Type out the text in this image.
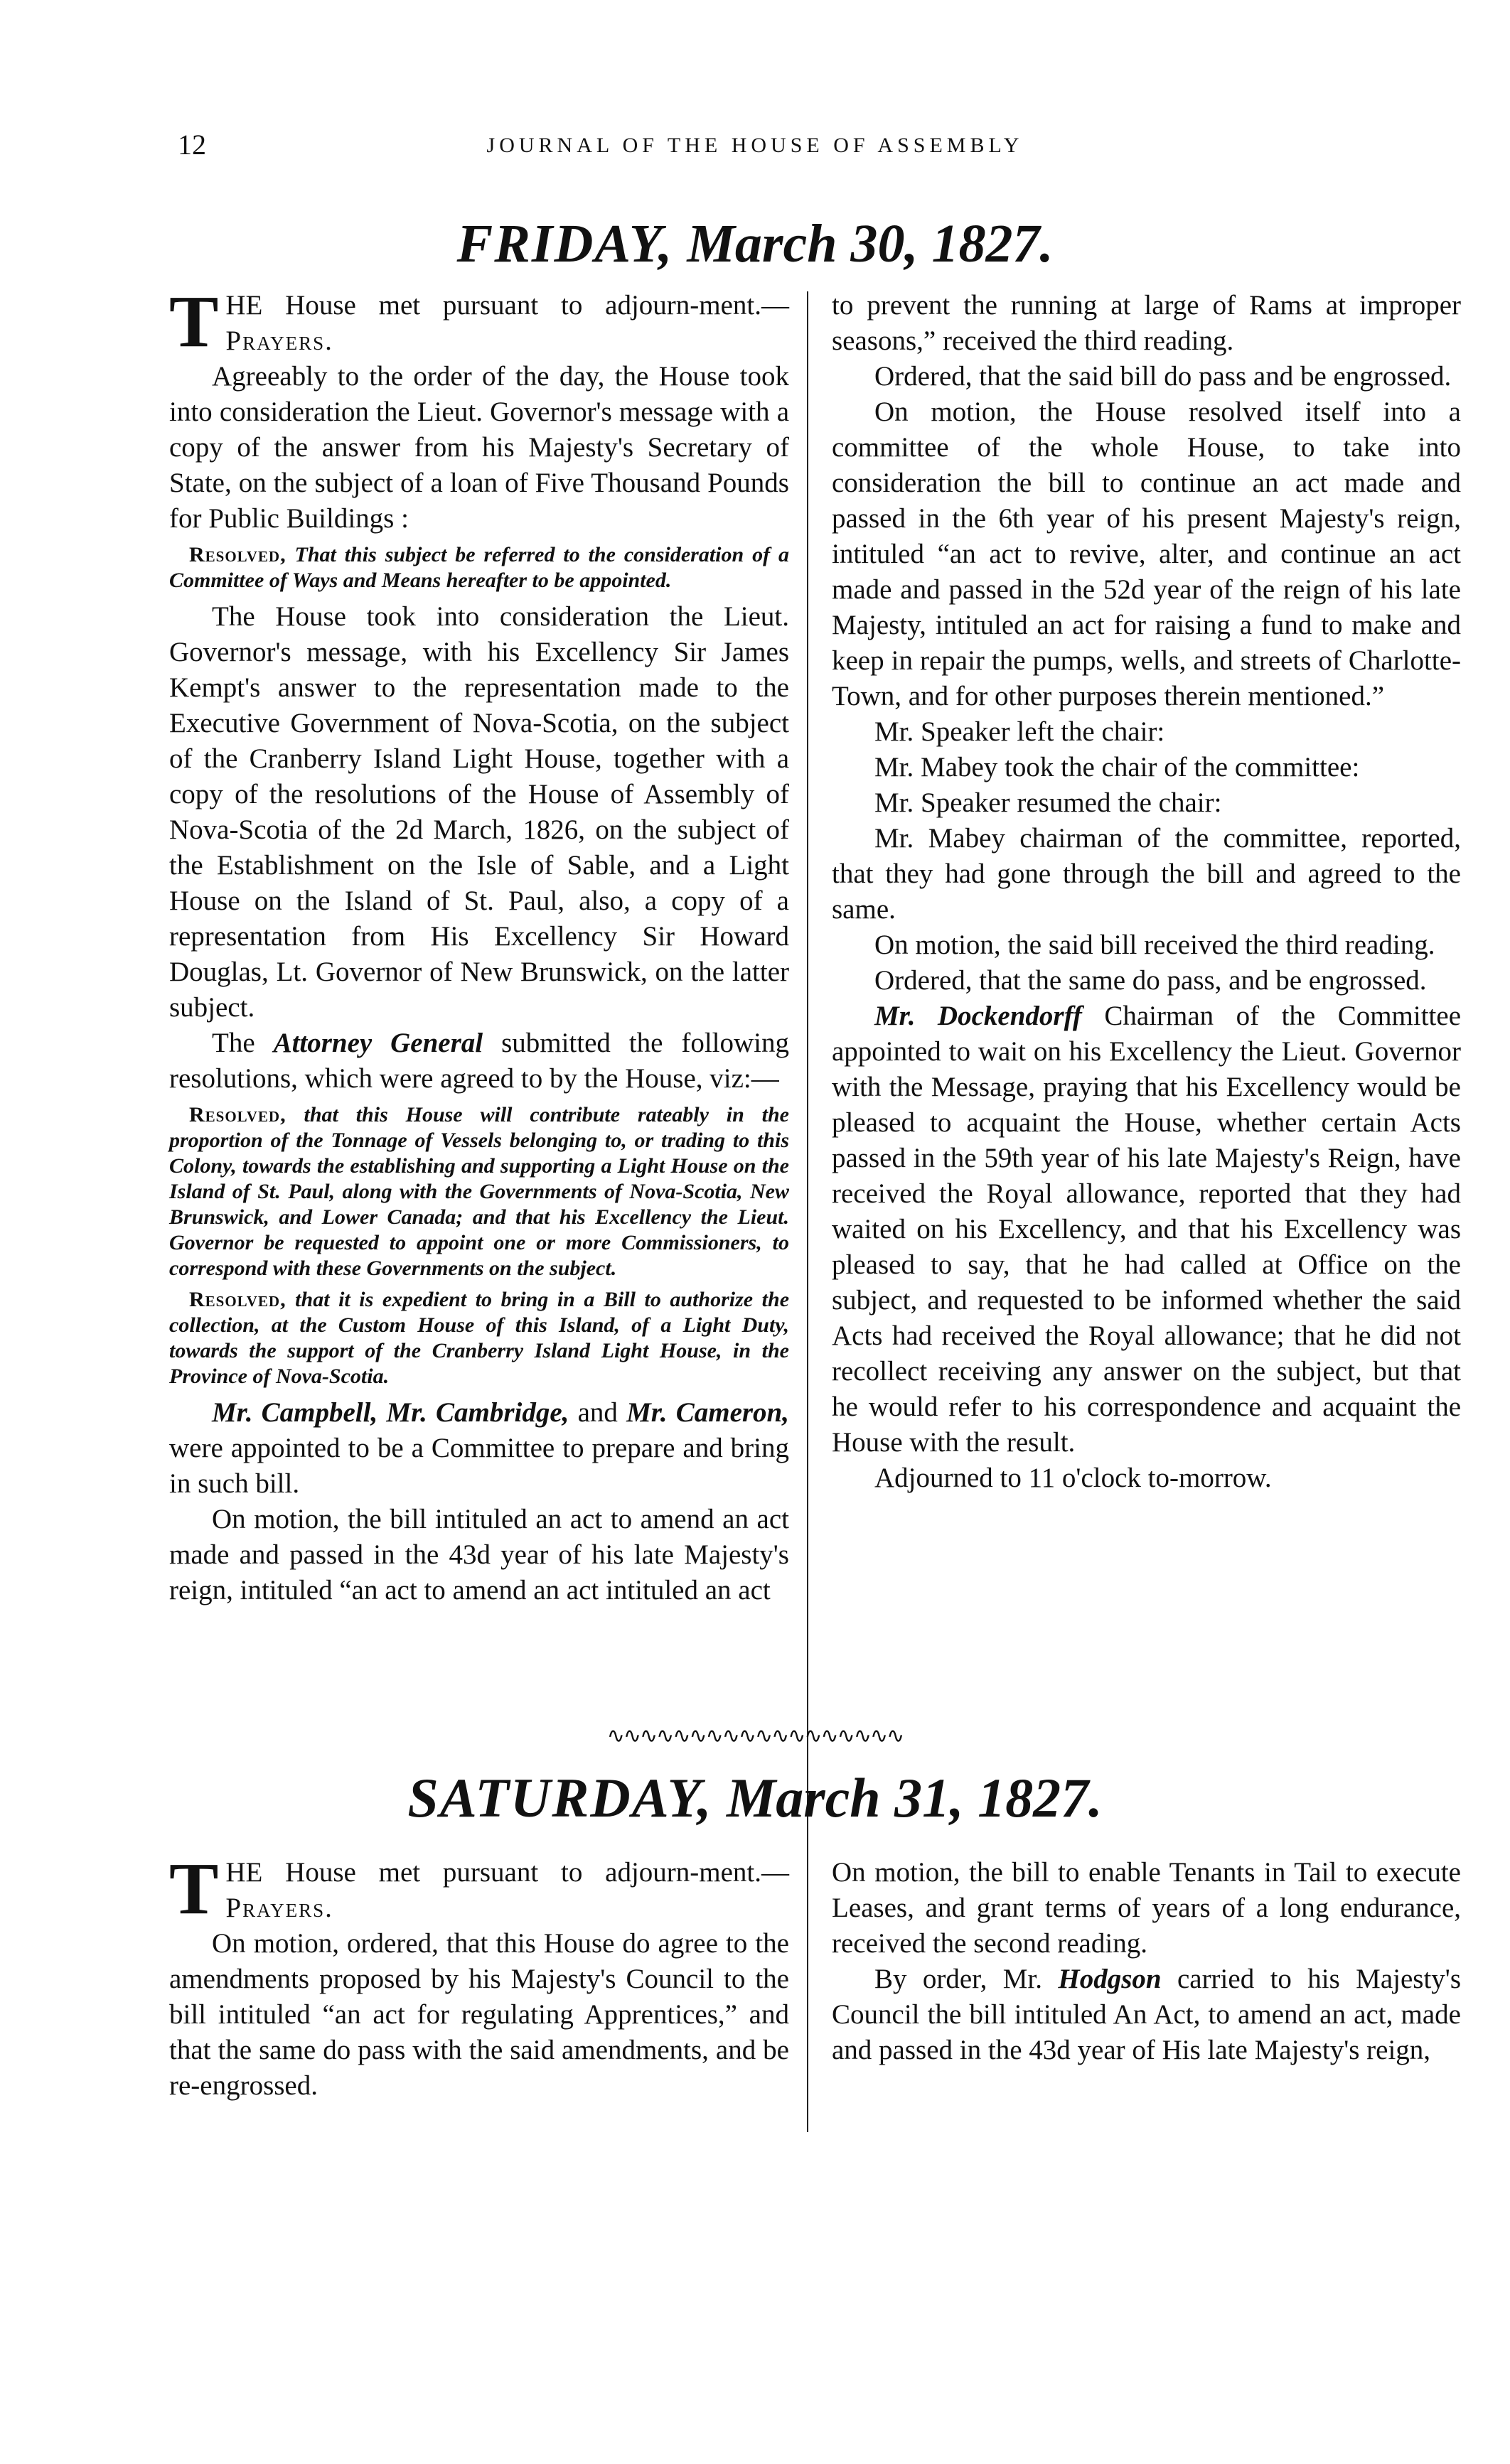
12	JOURNAL OF THE HOUSE OF ASSEMBLY
FRIDAY, March 30, 1827.

THE House met pursuant to adjourn-ment.—Prayers.

Agreeably to the order of the day, the House took into consideration the Lieut. Governor's message with a copy of the answer from his Majesty's Secretary of State, on the subject of a loan of Five Thousand Pounds for Public Buildings :

Resolved, That this subject be referred to the consideration of a Committee of Ways and Means hereafter to be appointed.

The House took into consideration the Lieut. Governor's message, with his Excellency Sir James Kempt's answer to the representation made to the Executive Government of Nova-Scotia, on the subject of the Cranberry Island Light House, together with a copy of the resolutions of the House of Assembly of Nova-Scotia of the 2d March, 1826, on the subject of the Establishment on the Isle of Sable, and a Light House on the Island of St. Paul, also, a copy of a representation from His Excellency Sir Howard Douglas, Lt. Governor of New Brunswick, on the latter subject.

The Attorney General submitted the following resolutions, which were agreed to by the House, viz:—

Resolved, that this House will contribute rateably in the proportion of the Tonnage of Vessels belonging to, or trading to this Colony, towards the establishing and supporting a Light House on the Island of St. Paul, along with the Governments of Nova-Scotia, New Brunswick, and Lower Canada; and that his Excellency the Lieut. Governor be requested to appoint one or more Commissioners, to correspond with these Governments on the subject.

Resolved, that it is expedient to bring in a Bill to authorize the collection, at the Custom House of this Island, of a Light Duty, towards the support of the Cranberry Island Light House, in the Province of Nova-Scotia.

Mr. Campbell, Mr. Cambridge, and Mr. Cameron, were appointed to be a Committee to prepare and bring in such bill.

On motion, the bill intituled an act to amend an act made and passed in the 43d year of his late Majesty's reign, intituled “an act to amend an act intituled an act

to prevent the running at large of Rams at improper seasons,” received the third reading.

Ordered, that the said bill do pass and be engrossed.

On motion, the House resolved itself into a committee of the whole House, to take into consideration the bill to continue an act made and passed in the 6th year of his present Majesty's reign, intituled “an act to revive, alter, and continue an act made and passed in the 52d year of the reign of his late Majesty, intituled an act for raising a fund to make and keep in repair the pumps, wells, and streets of Charlotte-Town, and for other purposes therein mentioned.”

Mr. Speaker left the chair:

Mr. Mabey took the chair of the committee:

Mr. Speaker resumed the chair:

Mr. Mabey chairman of the committee, reported, that they had gone through the bill and agreed to the same.

On motion, the said bill received the third reading.

Ordered, that the same do pass, and be engrossed.

Mr. Dockendorff Chairman of the Committee appointed to wait on his Excellency the Lieut. Governor with the Message, praying that his Excellency would be pleased to acquaint the House, whether certain Acts passed in the 59th year of his late Majesty's Reign, have received the Royal allowance, reported that they had waited on his Excellency, and that his Excellency was pleased to say, that he had called at Office on the subject, and requested to be informed whether the said Acts had received the Royal allowance; that he did not recollect receiving any answer on the subject, but that he would refer to his correspondence and acquaint the House with the result.

Adjourned to 11 o'clock to-morrow.

∿∿∿∿∿∿∿∿∿∿∿∿∿∿∿∿∿∿
SATURDAY, March 31, 1827.

THE House met pursuant to adjourn-ment.—Prayers.

On motion, ordered, that this House do agree to the amendments proposed by his Majesty's Council to the bill intituled “an act for regulating Apprentices,” and that the same do pass with the said amendments, and be re-engrossed.

On motion, the bill to enable Tenants in Tail to execute Leases, and grant terms of years of a long endurance, received the second reading.

By order, Mr. Hodgson carried to his Majesty's Council the bill intituled An Act, to amend an act, made and passed in the 43d year of His late Majesty's reign,
